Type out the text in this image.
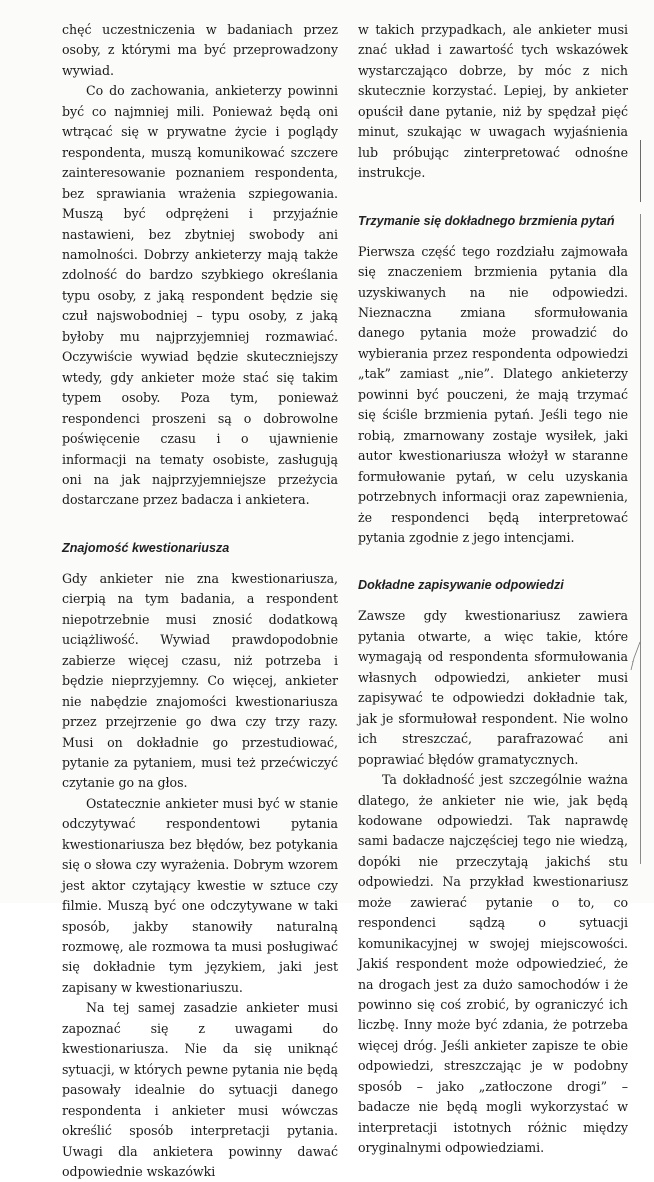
chęć uczestniczenia w badaniach przez osoby, z którymi ma być przeprowadzony wywiad.

Co do zachowania, ankieterzy powinni być co najmniej mili. Ponieważ będą oni wtrącać się w prywatne życie i poglądy respondenta, muszą komunikować szczere zainteresowanie poznaniem respondenta, bez sprawiania wrażenia szpiegowania. Muszą być odprężeni i przyjaźnie nastawieni, bez zbytniej swobody ani namolności. Dobrzy ankieterzy mają także zdolność do bardzo szybkiego określania typu osoby, z jaką respondent będzie się czuł najswobodniej – typu osoby, z jaką byłoby mu najprzyjemniej rozmawiać. Oczywiście wywiad będzie skuteczniejszy wtedy, gdy ankieter może stać się takim typem osoby. Poza tym, ponieważ respondenci proszeni są o dobrowolne poświęcenie czasu i o ujawnienie informacji na tematy osobiste, zasługują oni na jak najprzyjemniejsze przeżycia dostarczane przez badacza i ankietera.

Znajomość kwestionariusza

Gdy ankieter nie zna kwestionariusza, cierpią na tym badania, a respondent niepotrzebnie musi znosić dodatkową uciążliwość. Wywiad prawdopodobnie zabierze więcej czasu, niż potrzeba i będzie nieprzyjemny. Co więcej, ankieter nie nabędzie znajomości kwestionariusza przez przejrzenie go dwa czy trzy razy. Musi on dokładnie go przestudiować, pytanie za pytaniem, musi też przećwiczyć czytanie go na głos.

Ostatecznie ankieter musi być w stanie odczytywać respondentowi pytania kwestionariusza bez błędów, bez potykania się o słowa czy wyrażenia. Dobrym wzorem jest aktor czytający kwestie w sztuce czy filmie. Muszą być one odczytywane w taki sposób, jakby stanowiły naturalną rozmowę, ale rozmowa ta musi posługiwać się dokładnie tym językiem, jaki jest zapisany w kwestionariuszu.

Na tej samej zasadzie ankieter musi zapoznać się z uwagami do kwestionariusza. Nie da się uniknąć sytuacji, w których pewne pytania nie będą pasowały idealnie do sytuacji danego respondenta i ankieter musi wówczas określić sposób interpretacji pytania. Uwagi dla ankietera powinny dawać odpowiednie wskazówki

w takich przypadkach, ale ankieter musi znać układ i zawartość tych wskazówek wystarczająco dobrze, by móc z nich skutecznie korzystać. Lepiej, by ankieter opuścił dane pytanie, niż by spędzał pięć minut, szukając w uwagach wyjaśnienia lub próbując zinterpretować odnośne instrukcje.

Trzymanie się dokładnego brzmienia pytań

Pierwsza część tego rozdziału zajmowała się znaczeniem brzmienia pytania dla uzyskiwanych na nie odpowiedzi. Nieznaczna zmiana sformułowania danego pytania może prowadzić do wybierania przez respondenta odpowiedzi „tak” zamiast „nie”. Dlatego ankieterzy powinni być pouczeni, że mają trzymać się ściśle brzmienia pytań. Jeśli tego nie robią, zmarnowany zostaje wysiłek, jaki autor kwestionariusza włożył w staranne formułowanie pytań, w celu uzyskania potrzebnych informacji oraz zapewnienia, że respondenci będą interpretować pytania zgodnie z jego intencjami.

Dokładne zapisywanie odpowiedzi

Zawsze gdy kwestionariusz zawiera pytania otwarte, a więc takie, które wymagają od respondenta sformułowania własnych odpowiedzi, ankieter musi zapisywać te odpowiedzi dokładnie tak, jak je sformułował respondent. Nie wolno ich streszczać, parafrazować ani poprawiać błędów gramatycznych.

Ta dokładność jest szczególnie ważna dlatego, że ankieter nie wie, jak będą kodowane odpowiedzi. Tak naprawdę sami badacze najczęściej tego nie wiedzą, dopóki nie przeczytają jakichś stu odpowiedzi. Na przykład kwestionariusz może zawierać pytanie o to, co respondenci sądzą o sytuacji komunikacyjnej w swojej miejscowości. Jakiś respondent może odpowiedzieć, że na drogach jest za dużo samochodów i że powinno się coś zrobić, by ograniczyć ich liczbę. Inny może być zdania, że potrzeba więcej dróg. Jeśli ankieter zapisze te obie odpowiedzi, streszczając je w podobny sposób – jako „zatłoczone drogi” – badacze nie będą mogli wykorzystać w interpretacji istotnych różnic między oryginalnymi odpowiedziami.
